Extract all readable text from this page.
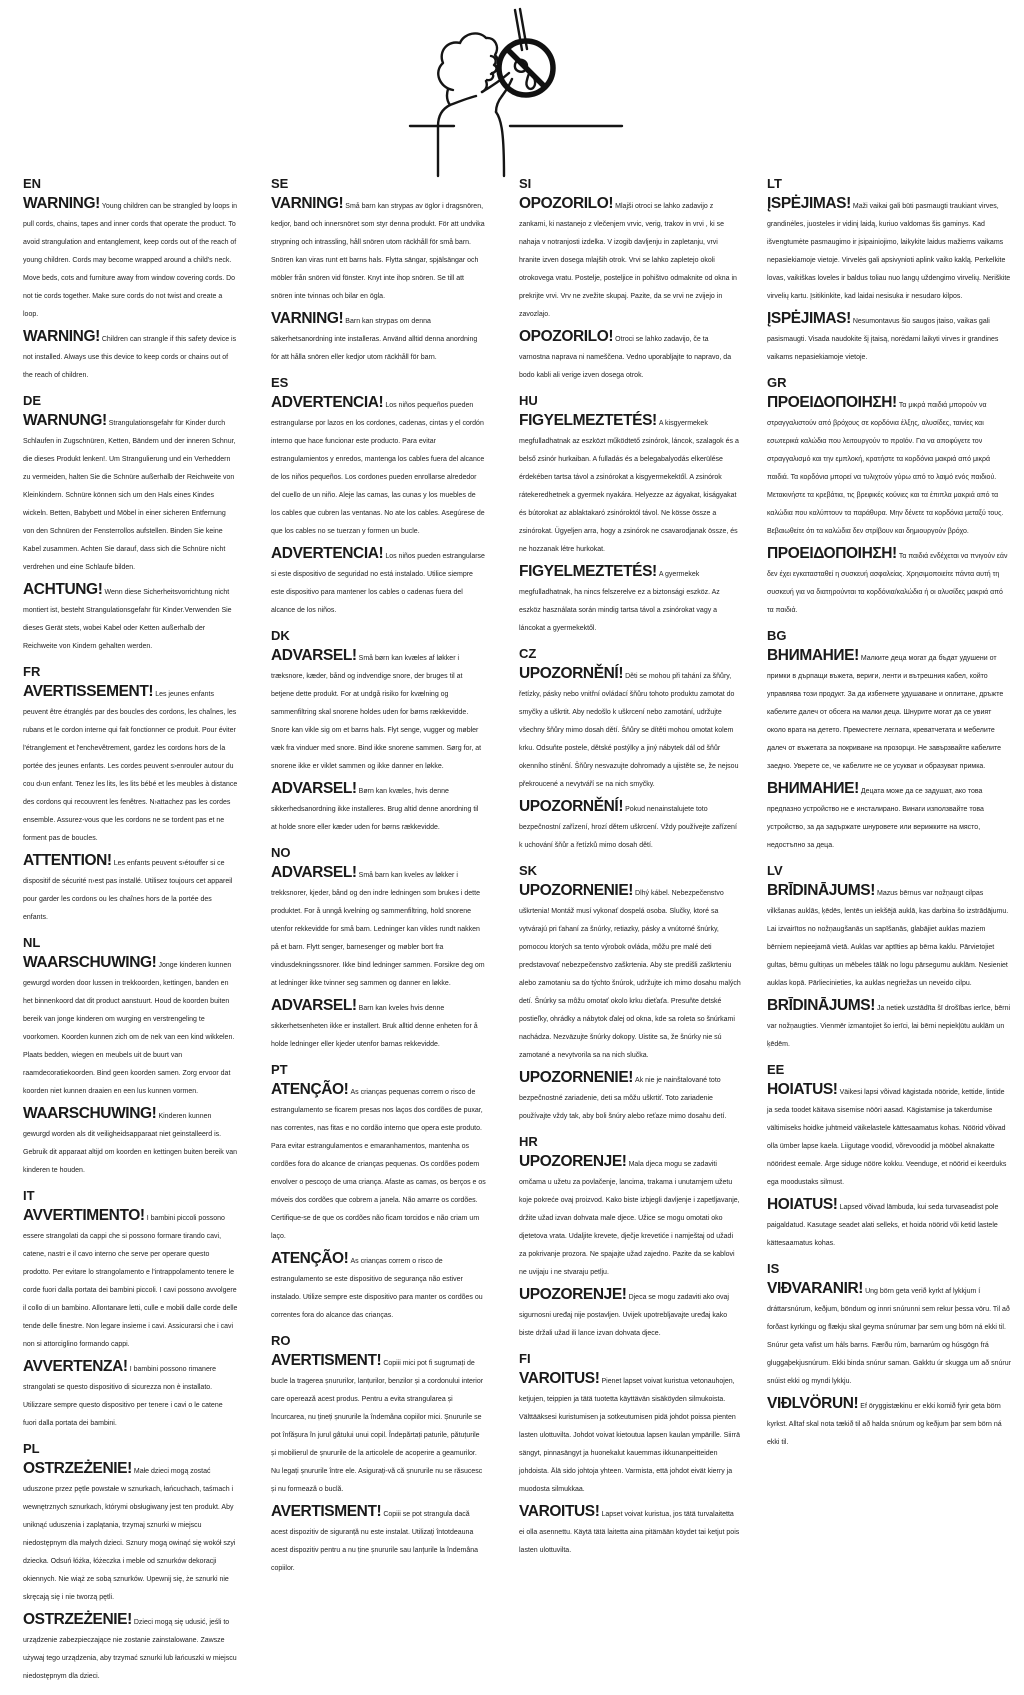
EN

WARNING! Young children can be strangled by loops in pull cords, chains, tapes and inner cords that operate the product. To avoid strangulation and entanglement, keep cords out of the reach of young children. Cords may become wrapped around a child's neck. Move beds, cots and furniture away from window covering cords. Do not tie cords together. Make sure cords do not twist and create a loop.

WARNING! Children can strangle if this safety device is not installed. Always use this device to keep cords or chains out of the reach of children.

DE

WARNUNG! Strangulationsgefahr für Kinder durch Schlaufen in Zugschnüren, Ketten, Bändern und der inneren Schnur, die dieses Produkt lenken!. Um Strangulierung und ein Verheddern zu vermeiden, halten Sie die Schnüre außerhalb der Reichweite von Kleinkindern. Schnüre können sich um den Hals eines Kindes wickeln. Betten, Babybett und Möbel in einer sicheren Entfernung von den Schnüren der Fensterrollos aufstellen. Binden Sie keine Kabel zusammen. Achten Sie darauf, dass sich die Schnüre nicht verdrehen und eine Schlaufe bilden.

ACHTUNG! Wenn diese Sicherheitsvorrichtung nicht montiert ist, besteht Strangulationsgefahr für Kinder.Verwenden Sie dieses Gerät stets, wobei Kabel oder Ketten außerhalb der Reichweite von Kindern gehalten werden.

FR

AVERTISSEMENT! Les jeunes enfants peuvent être étranglés par des boucles des cordons, les chaînes, les rubans et le cordon interne qui fait fonctionner ce produit. Pour éviter l'étranglement et l'enchevêtrement, gardez les cordons hors de la portée des jeunes enfants. Les cordes peuvent s›enrouler autour du cou d›un enfant. Tenez les lits, les lits bébé et les meubles à distance des cordons qui recouvrent les fenêtres. N›attachez pas les cordes ensemble. Assurez-vous que les cordons ne se tordent pas et ne forment pas de boucles.

ATTENTION! Les enfants peuvent s›étouffer si ce dispositif de sécurité n›est pas installé. Utilisez toujours cet appareil pour garder les cordons ou les chaînes hors de la portée des enfants.

NL

WAARSCHUWING! Jonge kinderen kunnen gewurgd worden door lussen in trekkoorden, kettingen, banden en het binnenkoord dat dit product aanstuurt. Houd de koorden buiten bereik van jonge kinderen om wurging en verstrengeling te voorkomen. Koorden kunnen zich om de nek van een kind wikkelen. Plaats bedden, wiegen en meubels uit de buurt van raamdecoratiekoorden. Bind geen koorden samen. Zorg ervoor dat koorden niet kunnen draaien en een lus kunnen vormen.

WAARSCHUWING! Kinderen kunnen gewurgd worden als dit veiligheidsapparaat niet geinstalleerd is. Gebruik dit apparaat altijd om koorden en kettingen buiten bereik van kinderen te houden.

IT

AVVERTIMENTO! I bambini piccoli possono essere strangolati da cappi che si possono formare tirando cavi, catene, nastri e il cavo interno che serve per operare questo prodotto. Per evitare lo strangolamento e l'intrappolamento tenere le corde fuori dalla portata dei bambini piccoli. I cavi possono avvolgere il collo di un bambino. Allontanare letti, culle e mobili dalle corde delle tende delle finestre. Non legare insieme i cavi. Assicurarsi che i cavi non si attorciglino formando cappi.

AVVERTENZA! I bambini possono rimanere strangolati se questo dispositivo di sicurezza non è installato. Utilizzare sempre questo dispositivo per tenere i cavi o le catene fuori dalla portata dei bambini.

PL

OSTRZEŻENIE! Małe dzieci mogą zostać uduszone przez pętle powstałe w sznurkach, łańcuchach, taśmach i wewnętrznych sznurkach, którymi obsługiwany jest ten produkt. Aby uniknąć uduszenia i zaplątania, trzymaj sznurki w miejscu niedostępnym dla małych dzieci. Sznury mogą owinąć się wokół szyi dziecka. Odsuń łóżka, łóżeczka i meble od sznurków dekoracji okiennych. Nie wiąż ze sobą sznurków. Upewnij się, że sznurki nie skręcają się i nie tworzą pętli.

OSTRZEŻENIE! Dzieci mogą się udusić, jeśli to urządzenie zabezpieczające nie zostanie zainstalowane. Zawsze używaj tego urządzenia, aby trzymać sznurki lub łańcuszki w miejscu niedostępnym dla dzieci.

SE

VARNING! Små barn kan strypas av öglor i dragsnören, kedjor, band och innersnöret som styr denna produkt. För att undvika strypning och intrassling, håll snören utom räckhåll för små barn. Snören kan viras runt ett barns hals. Flytta sängar, spjälsängar och möbler från snören vid fönster. Knyt inte ihop snören. Se till att snören inte tvinnas och bilar en ögla.

VARNING! Barn kan strypas om denna säkerhetsanordning inte installeras. Använd alltid denna anordning för att hålla snören eller kedjor utom räckhåll för barn.

ES

ADVERTENCIA! Los niños pequeños pueden estrangularse por lazos en los cordones, cadenas, cintas y el cordón interno que hace funcionar este producto. Para evitar estrangulamientos y enredos, mantenga los cables fuera del alcance de los niños pequeños. Los cordones pueden enrollarse alrededor del cuello de un niño. Aleje las camas, las cunas y los muebles de los cables que cubren las ventanas. No ate los cables. Asegúrese de que los cables no se tuerzan y formen un bucle.

ADVERTENCIA! Los niños pueden estrangularse si este dispositivo de seguridad no está instalado. Utilice siempre este dispositivo para mantener los cables o cadenas fuera del alcance de los niños.

DK

ADVARSEL! Små børn kan kvæles af løkker i træksnore, kæder, bånd og indvendige snore, der bruges til at betjene dette produkt. For at undgå risiko for kvælning og sammenfiltring skal snorene holdes uden for børns rækkevidde. Snore kan vikle sig om et barns hals. Flyt senge, vugger og møbler væk fra vinduer med snore. Bind ikke snorene sammen. Sørg for, at snorene ikke er viklet sammen og ikke danner en løkke.

ADVARSEL! Børn kan kvæles, hvis denne sikkerhedsanordning ikke installeres. Brug altid denne anordning til at holde snore eller kæder uden for børns rækkevidde.

NO

ADVARSEL! Små barn kan kveles av løkker i trekksnorer, kjeder, bånd og den indre ledningen som brukes i dette produktet. For å unngå kvelning og sammenfiltring, hold snorene utenfor rekkevidde for små barn. Ledninger kan vikles rundt nakken på et barn. Flytt senger, barnesenger og møbler bort fra vindusdekningssnorer. Ikke bind ledninger sammen. Forsikre deg om at ledninger ikke tvinner seg sammen og danner en løkke.

ADVARSEL! Barn kan kveles hvis denne sikkerhetsenheten ikke er installert. Bruk alltid denne enheten for å holde ledninger eller kjeder utenfor barnas rekkevidde.

PT

ATENÇÃO! As crianças pequenas correm o risco de estrangulamento se ficarem presas nos laços dos cordões de puxar, nas correntes, nas fitas e no cordão interno que opera este produto. Para evitar estrangulamentos e emaranhamentos, mantenha os cordões fora do alcance de crianças pequenas. Os cordões podem envolver o pescoço de uma criança. Afaste as camas, os berços e os móveis dos cordões que cobrem a janela. Não amarre os cordões. Certifique-se de que os cordões não ficam torcidos e não criam um laço.

ATENÇÃO! As crianças correm o risco de estrangulamento se este dispositivo de segurança não estiver instalado. Utilize sempre este dispositivo para manter os cordões ou correntes fora do alcance das crianças.

RO

AVERTISMENT! Copiii mici pot fi sugrumați de bucle la tragerea șnururilor, lanțurilor, benzilor și a cordonului interior care operează acest produs. Pentru a evita strangularea și încurcarea, nu țineți șnururile la îndemâna copiilor mici. Șnururile se pot înfășura în jurul gâtului unui copil. Îndepărtați paturile, pătuțurile și mobilierul de șnururile de la articolele de acoperire a geamurilor. Nu legați șnururile între ele. Asigurați-vă că șnururile nu se răsucesc și nu formează o buclă.

AVERTISMENT! Copiii se pot strangula dacă acest dispozitiv de siguranță nu este instalat. Utilizați întotdeauna acest dispozitiv pentru a nu ține șnururile sau lanțurile la îndemâna copiilor.

SI

OPOZORILO! Mlajši otroci se lahko zadavijo z zankami, ki nastanejo z vlečenjem vrvic, verig, trakov in vrvi , ki se nahaja v notranjosti izdelka. V izogib davljenju in zapletanju, vrvi hranite izven dosega mlajših otrok. Vrvi se lahko zapletejo okoli otrokovega vratu. Postelje, posteljice in pohištvo odmaknite od okna in prekrijte vrvi. Vrv ne zvežite skupaj. Pazite, da se vrvi ne zvijejo in zavozlajo.

OPOZORILO! Otroci se lahko zadavijo, če ta varnostna naprava ni nameščena. Vedno uporabljajte to napravo, da bodo kabli ali verige izven dosega otrok.

HU

FIGYELMEZTETÉS! A kisgyermekek megfulladhatnak az eszközt működtető zsinórok, láncok, szalagok és a belső zsinór hurkaiban. A fulladás és a belegabalyodás elkerülése érdekében tartsa távol a zsinórokat a kisgyermekektől. A zsinórok rátekeredhetnek a gyermek nyakára. Helyezze az ágyakat, kiságyakat és bútorokat az ablaktakaró zsinóroktól távol. Ne kösse össze a zsinórokat. Ügyeljen arra, hogy a zsinórok ne csavarodjanak össze, és ne hozzanak létre hurkokat.

FIGYELMEZTETÉS! A gyermekek megfulladhatnak, ha nincs felszerelve ez a biztonsági eszköz. Az eszköz használata során mindig tartsa távol a zsinórokat vagy a láncokat a gyermekektől.

CZ

UPOZORNĚNÍ! Děti se mohou při tahání za šňůry, řetízky, pásky nebo vnitřní ovládací šňůru tohoto produktu zamotat do smyčky a uškrtit. Aby nedošlo k uškrcení nebo zamotání, udržujte všechny šňůry mimo dosah dětí. Šňůry se dítěti mohou omotat kolem krku. Odsuňte postele, dětské postýlky a jiný nábytek dál od šňůr okenního stínění. Šňůry nesvazujte dohromady a ujistěte se, že nejsou překroucené a nevytváří se na nich smyčky.

UPOZORNĚNÍ! Pokud nenainstalujete toto bezpečnostní zařízení, hrozí dětem uškrcení. Vždy používejte zařízení k uchování šňůr a řetízků mimo dosah dětí.

SK

UPOZORNENIE! Dlhý kábel. Nebezpečenstvo uškrtenia! Montáž musí vykonať dospelá osoba. Slučky, ktoré sa vytvárajú pri ťahaní za šnúrky, retiazky, pásky a vnútorné šnúrky, pomocou ktorých sa tento výrobok ovláda, môžu pre malé deti predstavovať nebezpečenstvo zaškrtenia. Aby ste predišli zaškrteniu alebo zamotaniu sa do týchto šnúrok, udržujte ich mimo dosahu malých detí. Šnúrky sa môžu omotať okolo krku dieťaťa. Presuňte detské postieľky, ohrádky a nábytok ďalej od okna, kde sa roleta so šnúrkami nachádza. Nezväzujte šnúrky dokopy. Uistite sa, že šnúrky nie sú zamotané a nevytvorila sa na nich slučka.

UPOZORNENIE! Ak nie je nainštalované toto bezpečnostné zariadenie, deti sa môžu uškrtiť. Toto zariadenie používajte vždy tak, aby boli šnúry alebo reťaze mimo dosahu detí.

HR

UPOZORENJE! Mala djeca mogu se zadaviti omčama u užetu za povlačenje, lancima, trakama i unutarnjem užetu koje pokreće ovaj proizvod. Kako biste izbjegli davljenje i zapetljavanje, držite užad izvan dohvata male djece. Užice se mogu omotati oko djetetova vrata. Udaljite krevete, dječje krevetiće i namještaj od užadi za pokrivanje prozora. Ne spajajte užad zajedno. Pazite da se kablovi ne uvijaju i ne stvaraju petlju.

UPOZORENJE! Djeca se mogu zadaviti ako ovaj sigurnosni uređaj nije postavljen. Uvijek upotrebljavajte uređaj kako biste držali užad ili lance izvan dohvata djece.

FI

VAROITUS! Pienet lapset voivat kuristua vetonauhojen, ketjujen, teippien ja tätä tuotetta käyttävän sisäköyden silmukoista. Välttääksesi kuristumisen ja sotkeutumisen pidä johdot poissa pienten lasten ulottuvilta. Johdot voivat kietoutua lapsen kaulan ympärille. Siirrä sängyt, pinnasängyt ja huonekalut kauemmas ikkunanpeitteiden johdoista. Älä sido johtoja yhteen. Varmista, että johdot eivät kierry ja muodosta silmukkaa.

VAROITUS! Lapset voivat kuristua, jos tätä turvalaitetta ei olla asennettu. Käytä tätä laitetta aina pitämään köydet tai ketjut pois lasten ulottuvilta.

LT

ĮSPĖJIMAS! Maži vaikai gali būti pasmaugti traukiant virves, grandinėles, juosteles ir vidinį laidą, kuriuo valdomas šis gaminys. Kad išvengtumėte pasmaugimo ir įsipainiojimo, laikykite laidus mažiems vaikams nepasiekiamoje vietoje. Virvelės gali apsivynioti aplink vaiko kaklą. Perkelkite lovas, vaikiškas loveles ir baldus toliau nuo langų uždengimo virvelių. Neriškite virvelių kartu. Įsitikinkite, kad laidai nesisuka ir nesudaro kilpos.

ĮSPĖJIMAS! Nesumontavus šio saugos įtaiso, vaikas gali pasismaugti. Visada naudokite šį įtaisą, norėdami laikyti virves ir grandines vaikams nepasiekiamoje vietoje.

GR

ΠΡΟΕΙΔΟΠΟΙΗΣΗ! Τα μικρά παιδιά μπορούν να στραγγαλιστούν από βρόχους σε κορδόνια έλξης, αλυσίδες, ταινίες και εσωτερικά καλώδια που λειτουργούν το προϊόν. Για να αποφύγετε τον στραγγαλισμό και την εμπλοκή, κρατήστε τα κορδόνια μακριά από μικρά παιδιά. Τα κορδόνια μπορεί να τυλιχτούν γύρω από το λαιμό ενός παιδιού. Μετακινήστε τα κρεβάτια, τις βρεφικές κούνιες και τα έπιπλα μακριά από τα καλώδια που καλύπτουν τα παράθυρα. Μην δένετε τα κορδόνια μεταξύ τους. Βεβαιωθείτε ότι τα καλώδια δεν στρίβουν και δημιουργούν βρόχο.

ΠΡΟΕΙΔΟΠΟΙΗΣΗ! Τα παιδιά ενδέχεται να πνιγούν εάν δεν έχει εγκατασταθεί η συσκευή ασφαλείας. Χρησιμοποιείτε πάντα αυτή τη συσκευή για να διατηρούνται τα κορδόνια/καλώδια ή οι αλυσίδες μακριά από τα παιδιά.

BG

ВНИМАНИЕ! Малките деца могат да бъдат удушени от примки в дърпащи въжета, вериги, ленти и вътрешния кабел, който управлява този продукт. За да избегнете удушаване и оплитане, дръжте кабелите далеч от обсега на малки деца. Шнурите могат да се увият около врата на детето. Преместете леглата, креватчетата и мебелите далеч от въжетата за покриване на прозорци. Не завързвайте кабелите заедно. Уверете се, че кабелите не се усукват и образуват примка.

ВНИМАНИЕ! Децата може да се задушат, ако това предпазно устройство не е инсталирано. Винаги използвайте това устройство, за да задържате шнуровете или верижките на място, недостъпно за деца.

LV

BRĪDINĀJUMS! Mazus bērnus var nožņaugt cilpas vilkšanas auklās, ķēdēs, lentēs un iekšējā auklā, kas darbina šo izstrādājumu. Lai izvairītos no nožņaugšanās un sapīšanās, glabājiet auklas maziem bērniem nepieejamā vietā. Auklas var aptīties ap bērna kaklu. Pārvietojiet gultas, bērnu gultiņas un mēbeles tālāk no logu pārsegumu auklām. Nesieniet auklas kopā. Pārliecinieties, ka auklas negriežas un neveido cilpu.

BRĪDINĀJUMS! Ja netiek uzstādīta šī drošības ierīce, bērni var nožņaugties. Vienmēr izmantojiet šo ierīci, lai bērni nepiekļūtu auklām un ķēdēm.

EE

HOIATUS! Väikesi lapsi võivad kägistada nööride, kettide, lintide ja seda toodet käitava sisemise nööri aasad. Kägistamise ja takerdumise vältimiseks hoidke juhtmeid väikelastele kättesaamatus kohas. Nöörid võivad olla ümber lapse kaela. Liigutage voodid, võrevoodid ja mööbel aknakatte nööridest eemale. Ärge siduge nööre kokku. Veenduge, et nöörid ei keerduks ega moodustaks silmust.

HOIATUS! Lapsed võivad lämbuda, kui seda turvaseadist pole paigaldatud. Kasutage seadet alati selleks, et hoida nöörid või ketid lastele kättesaamatus kohas.

IS

VIÐVARANIR! Ung börn geta verið kyrkt af lykkjum í dráttarsnúrum, keðjum, böndum og innri snúrunni sem rekur þessa vöru. Til að forðast kyrkingu og flækju skal geyma snúrurnar þar sem ung börn ná ekki til. Snúrur geta vafist um háls barns. Færðu rúm, barnarúm og húsgögn frá gluggaþekjusnúrum. Ekki binda snúrur saman. Gakktu úr skugga um að snúrur snúist ekki og myndi lykkju.

VIÐLVÖRUN! Ef öryggistækinu er ekki komið fyrir geta börn kyrkst. Alltaf skal nota tækið til að halda snúrum og keðjum þar sem börn ná ekki til.
